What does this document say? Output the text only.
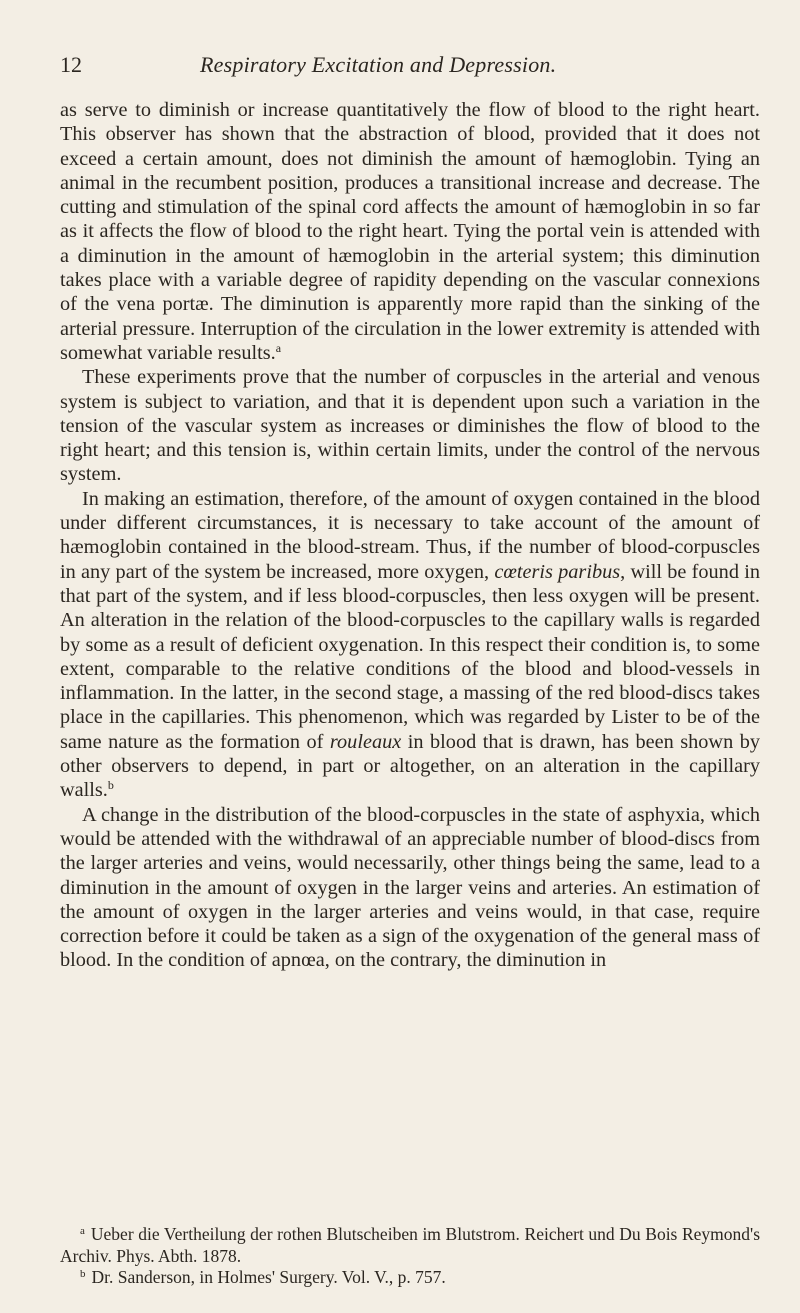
12	Respiratory Excitation and Depression.

as serve to diminish or increase quantitatively the flow of blood to the right heart. This observer has shown that the abstraction of blood, provided that it does not exceed a certain amount, does not diminish the amount of hæmoglobin. Tying an animal in the recumbent position, produces a transitional increase and decrease. The cutting and stimulation of the spinal cord affects the amount of hæmoglobin in so far as it affects the flow of blood to the right heart. Tying the portal vein is attended with a diminution in the amount of hæmoglobin in the arterial system; this diminution takes place with a variable degree of rapidity depending on the vascular connexions of the vena portæ. The diminution is apparently more rapid than the sinking of the arterial pressure. Interruption of the circulation in the lower extremity is attended with somewhat variable results.$^a$

These experiments prove that the number of corpuscles in the arterial and venous system is subject to variation, and that it is dependent upon such a variation in the tension of the vascular system as increases or diminishes the flow of blood to the right heart; and this tension is, within certain limits, under the control of the nervous system.

In making an estimation, therefore, of the amount of oxygen contained in the blood under different circumstances, it is necessary to take account of the amount of hæmoglobin contained in the blood-stream. Thus, if the number of blood-corpuscles in any part of the system be increased, more oxygen, cœteris paribus, will be found in that part of the system, and if less blood-corpuscles, then less oxygen will be present. An alteration in the relation of the blood-corpuscles to the capillary walls is regarded by some as a result of deficient oxygenation. In this respect their condition is, to some extent, comparable to the relative conditions of the blood and blood-vessels in inflammation. In the latter, in the second stage, a massing of the red blood-discs takes place in the capillaries. This phenomenon, which was regarded by Lister to be of the same nature as the formation of rouleaux in blood that is drawn, has been shown by other observers to depend, in part or altogether, on an alteration in the capillary walls.$^b$

A change in the distribution of the blood-corpuscles in the state of asphyxia, which would be attended with the withdrawal of an appreciable number of blood-discs from the larger arteries and veins, would necessarily, other things being the same, lead to a diminution in the amount of oxygen in the larger veins and arteries. An estimation of the amount of oxygen in the larger arteries and veins would, in that case, require correction before it could be taken as a sign of the oxygenation of the general mass of blood. In the condition of apnœa, on the contrary, the diminution in

$^a$ Ueber die Vertheilung der rothen Blutscheiben im Blutstrom. Reichert und Du Bois Reymond's Archiv. Phys. Abth. 1878.

$^b$ Dr. Sanderson, in Holmes' Surgery. Vol. V., p. 757.
